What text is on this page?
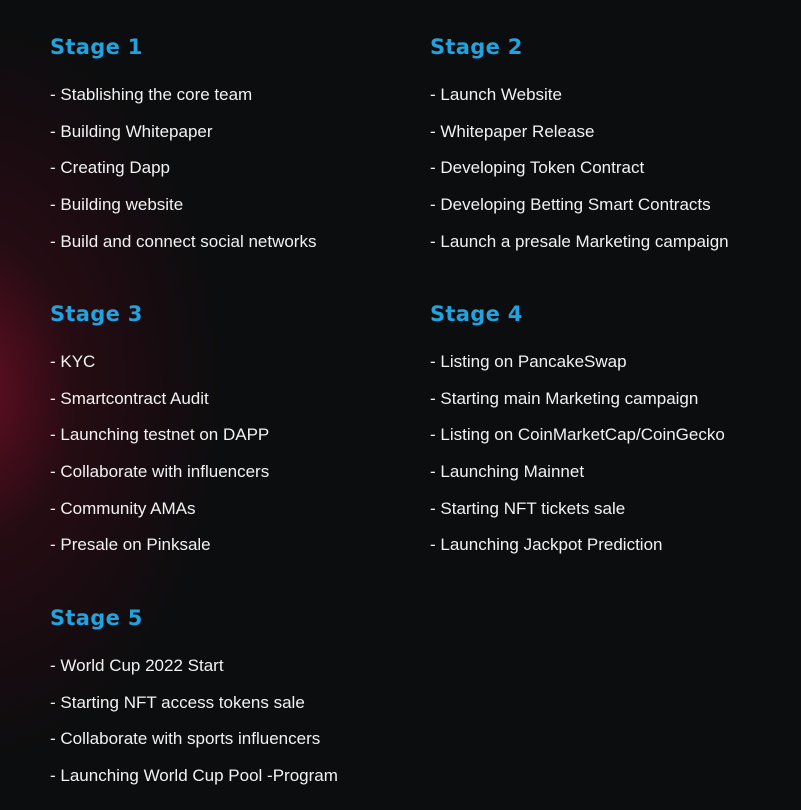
Stage 1
- Stablishing the core team
- Building Whitepaper
- Creating Dapp
- Building website
- Build and connect social networks
Stage 2
- Launch Website
- Whitepaper Release
- Developing Token Contract
- Developing Betting Smart Contracts
- Launch a presale Marketing campaign
Stage 3
- KYC
- Smartcontract Audit
- Launching testnet on DAPP
- Collaborate with influencers
- Community AMAs
- Presale on Pinksale
Stage 4
- Listing on PancakeSwap
- Starting main Marketing campaign
- Listing on CoinMarketCap/CoinGecko
- Launching Mainnet
- Starting NFT tickets sale
- Launching Jackpot Prediction
Stage 5
- World Cup 2022 Start
- Starting NFT access tokens sale
- Collaborate with sports influencers
- Launching World Cup Pool -Program
